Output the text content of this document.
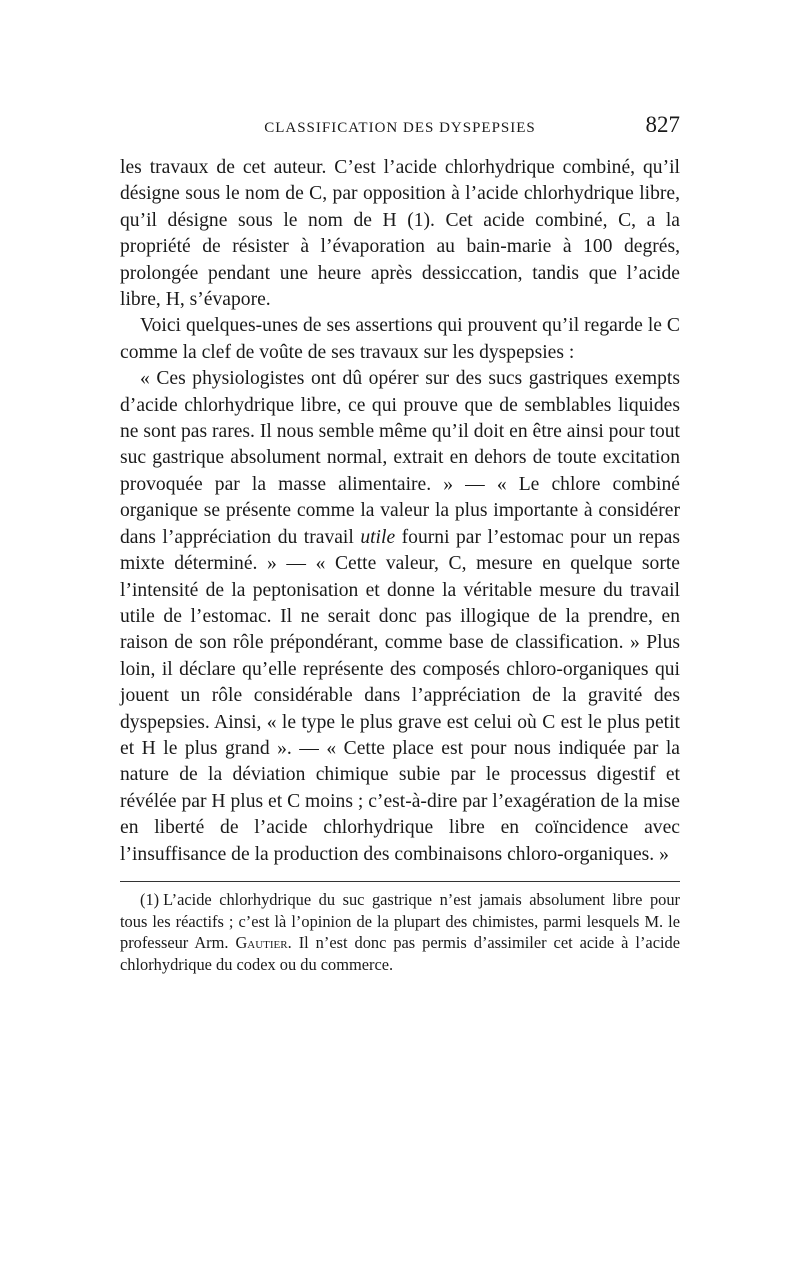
CLASSIFICATION DES DYSPEPSIES	827

les travaux de cet auteur. C’est l’acide chlorhydrique combiné, qu’il désigne sous le nom de C, par opposition à l’acide chlorhydrique libre, qu’il désigne sous le nom de H (1). Cet acide combiné, C, a la propriété de résister à l’évaporation au bain-marie à 100 degrés, prolongée pendant une heure après dessiccation, tandis que l’acide libre, H, s’évapore.

Voici quelques-unes de ses assertions qui prouvent qu’il regarde le C comme la clef de voûte de ses travaux sur les dyspepsies :

« Ces physiologistes ont dû opérer sur des sucs gastriques exempts d’acide chlorhydrique libre, ce qui prouve que de semblables liquides ne sont pas rares. Il nous semble même qu’il doit en être ainsi pour tout suc gastrique absolument normal, extrait en dehors de toute excitation provoquée par la masse alimentaire. » — « Le chlore combiné organique se présente comme la valeur la plus importante à considérer dans l’appréciation du travail utile fourni par l’estomac pour un repas mixte déterminé. » — « Cette valeur, C, mesure en quelque sorte l’intensité de la peptonisation et donne la véritable mesure du travail utile de l’estomac. Il ne serait donc pas illogique de la prendre, en raison de son rôle prépondérant, comme base de classification. » Plus loin, il déclare qu’elle représente des composés chloro-organiques qui jouent un rôle considérable dans l’appréciation de la gravité des dyspepsies. Ainsi, « le type le plus grave est celui où C est le plus petit et H le plus grand ». — « Cette place est pour nous indiquée par la nature de la déviation chimique subie par le processus digestif et révélée par H plus et C moins ; c’est-à-dire par l’exagération de la mise en liberté de l’acide chlorhydrique libre en coïncidence avec l’insuffisance de la production des combinaisons chloro-organiques. »

(1) L’acide chlorhydrique du suc gastrique n’est jamais absolument libre pour tous les réactifs ; c’est là l’opinion de la plupart des chimistes, parmi lesquels M. le professeur Arm. Gautier. Il n’est donc pas permis d’assimiler cet acide à l’acide chlorhydrique du codex ou du commerce.
